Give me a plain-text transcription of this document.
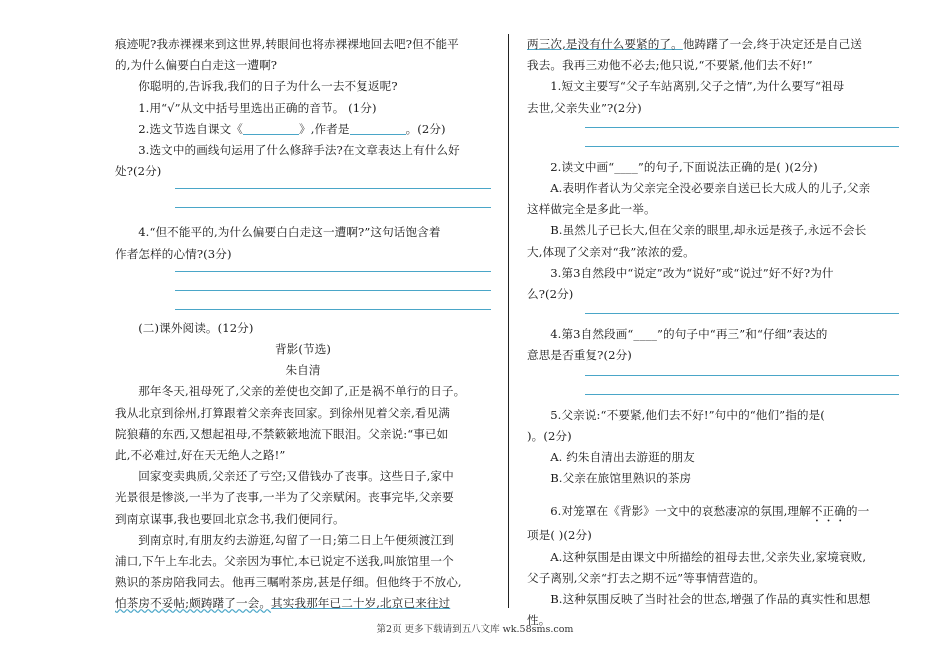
痕迹呢?我赤裸裸来到这世界,转眼间也将赤裸裸地回去吧?但不能平

的,为什么偏要白白走这一遭啊?

你聪明的,告诉我,我们的日子为什么一去不复返呢?

1.用“√”从文中括号里选出正确的音节。 (1分)

2.选文节选自课文《	》,作者是	。(2分)

3.选文中的画线句运用了什么修辞手法?在文章表达上有什么好

处?(2分)

4.“但不能平的,为什么偏要白白走这一遭啊?”这句话饱含着

作者怎样的心情?(3分)

(二)课外阅读。(12分)

背影(节选)

朱自清

那年冬天,祖母死了,父亲的差使也交卸了,正是祸不单行的日子。

我从北京到徐州,打算跟着父亲奔丧回家。到徐州见着父亲,看见满

院狼藉的东西,又想起祖母,不禁簌簌地流下眼泪。父亲说:“事已如

此,不必难过,好在天无绝人之路!”

回家变卖典质,父亲还了亏空;又借钱办了丧事。这些日子,家中

光景很是惨淡,一半为了丧事,一半为了父亲赋闲。丧事完毕,父亲要

到南京谋事,我也要回北京念书,我们便同行。

到南京时,有朋友约去游逛,勾留了一日;第二日上午便须渡江到

浦口,下午上车北去。父亲因为事忙,本已说定不送我,叫旅馆里一个

熟识的茶房陪我同去。他再三嘱咐茶房,甚是仔细。但他终于不放心,

怕茶房不妥帖;颇踌躇了一会。其实我那年已二十岁,北京已来往过

两三次,是没有什么要紧的了。他踌躇了一会,终于决定还是自己送

我去。我再三劝他不必去;他只说,“不要紧,他们去不好!”

1.短文主要写“父子车站离别,父子之情”,为什么要写“祖母

去世,父亲失业”?(2分)

2.读文中画“____”的句子,下面说法正确的是( )(2分)

A.表明作者认为父亲完全没必要亲自送已长大成人的儿子,父亲

这样做完全是多此一举。

B.虽然儿子已长大,但在父亲的眼里,却永远是孩子,永远不会长

大,体现了父亲对“我”浓浓的爱。

3.第3自然段中“说定”改为“说好”或“说过”好不好?为什

么?(2分)

4.第3自然段画“____”的句子中“再三”和“仔细”表达的

意思是否重复?(2分)

5.父亲说:“不要紧,他们去不好!”句中的“他们”指的是(

)。(2分)

A. 约朱自清出去游逛的朋友

B.父亲在旅馆里熟识的茶房

6.对笼罩在《背影》一文中的哀愁凄凉的氛围,理解不正确的一

项是( )(2分)

A.这种氛围是由课文中所描绘的祖母去世,父亲失业,家境衰败,

父子离别,父亲“打去之期不远”等事情营造的。

B.这种氛围反映了当时社会的世态,增强了作品的真实性和思想

性。

第2页 更多下载请到五八文库 wk.58sms.com
